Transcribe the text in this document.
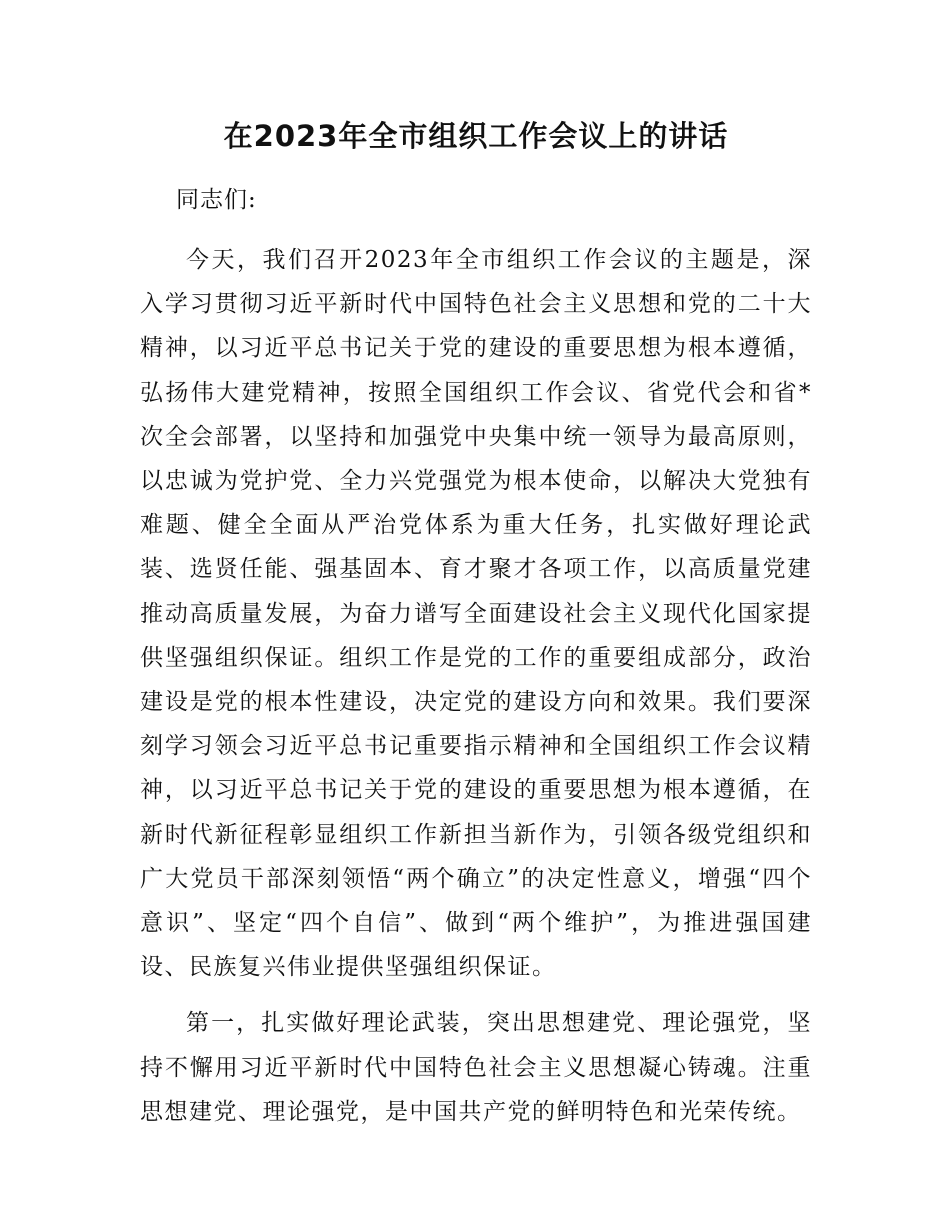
在2023年全市组织工作会议上的讲话

同志们:

今天，我们召开2023年全市组织工作会议的主题是，深入学习贯彻习近平新时代中国特色社会主义思想和党的二十大精神，以习近平总书记关于党的建设的重要思想为根本遵循，弘扬伟大建党精神，按照全国组织工作会议、省党代会和省*次全会部署，以坚持和加强党中央集中统一领导为最高原则，以忠诚为党护党、全力兴党强党为根本使命，以解决大党独有难题、健全全面从严治党体系为重大任务，扎实做好理论武装、选贤任能、强基固本、育才聚才各项工作，以高质量党建推动高质量发展，为奋力谱写全面建设社会主义现代化国家提供坚强组织保证。组织工作是党的工作的重要组成部分，政治建设是党的根本性建设，决定党的建设方向和效果。我们要深刻学习领会习近平总书记重要指示精神和全国组织工作会议精神，以习近平总书记关于党的建设的重要思想为根本遵循，在新时代新征程彰显组织工作新担当新作为，引领各级党组织和广大党员干部深刻领悟“两个确立”的决定性意义，增强“四个意识”、坚定“四个自信”、做到“两个维护”，为推进强国建设、民族复兴伟业提供坚强组织保证。

第一，扎实做好理论武装，突出思想建党、理论强党，坚持不懈用习近平新时代中国特色社会主义思想凝心铸魂。注重思想建党、理论强党，是中国共产党的鲜明特色和光荣传统。
